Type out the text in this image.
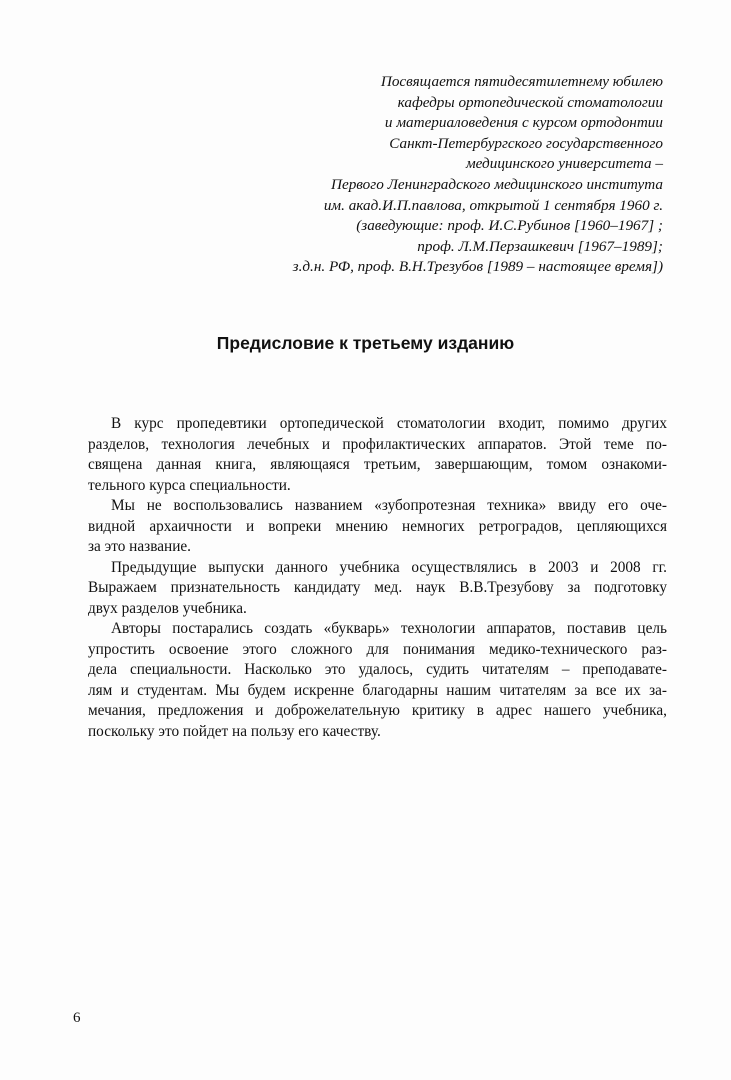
Посвящается пятидесятилетнему юбилею
кафедры ортопедической стоматологии
и материаловедения с курсом ортодонтии
Санкт-Петербургского государственного
медицинского университета –
Первого Ленинградского медицинского института
им. акад.И.П.павлова, открытой 1 сентября 1960 г.
(заведующие: проф. И.С.Рубинов [1960–1967] ;
проф. Л.М.Перзашкевич [1967–1989];
з.д.н. РФ, проф. В.Н.Трезубов [1989 – настоящее время])
Предисловие к третьему изданию
В курс пропедевтики ортопедической стоматологии входит, помимо других
разделов, технология лечебных и профилактических аппаратов. Этой теме по-
священа данная книга, являющаяся третьим, завершающим, томом ознакоми-
тельного курса специальности.
Мы не воспользовались названием «зубопротезная техника» ввиду его оче-
видной архаичности и вопреки мнению немногих ретроградов, цепляющихся
за это название.
Предыдущие выпуски данного учебника осуществлялись в 2003 и 2008 гг.
Выражаем признательность кандидату мед. наук В.В.Трезубову за подготовку
двух разделов учебника.
Авторы постарались создать «букварь» технологии аппаратов, поставив цель
упростить освоение этого сложного для понимания медико-технического раз-
дела специальности. Насколько это удалось, судить читателям – преподавате-
лям и студентам. Мы будем искренне благодарны нашим читателям за все их за-
мечания, предложения и доброжелательную критику в адрес нашего учебника,
поскольку это пойдет на пользу его качеству.
6
